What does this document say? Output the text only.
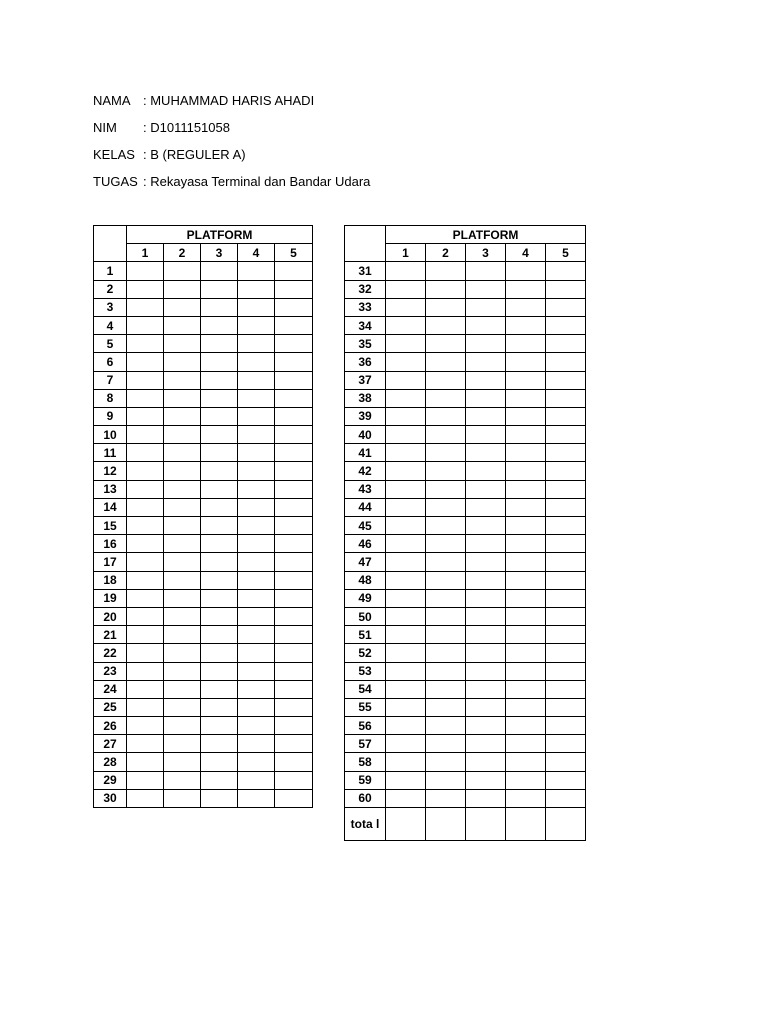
NAMA : MUHAMMAD HARIS AHADI
NIM	: D1011151058
KELAS : B (REGULER A)
TUGAS : Rekayasa Terminal dan Bandar Udara
	PLATFORM				
	1	2	3	4	5
1					
2					
3					
4					
5					
6					
7					
8					
9					
10					
11					
12					
13					
14					
15					
16					
17					
18					
19					
20					
21					
22					
23					
24					
25					
26					
27					
28					
29					
30					
	PLATFORM				
	1	2	3	4	5
31					
32					
33					
34					
35					
36					
37					
38					
39					
40					
41					
42					
43					
44					
45					
46					
47					
48					
49					
50					
51					
52					
53					
54					
55					
56					
57					
58					
59					
60					
tota l					
